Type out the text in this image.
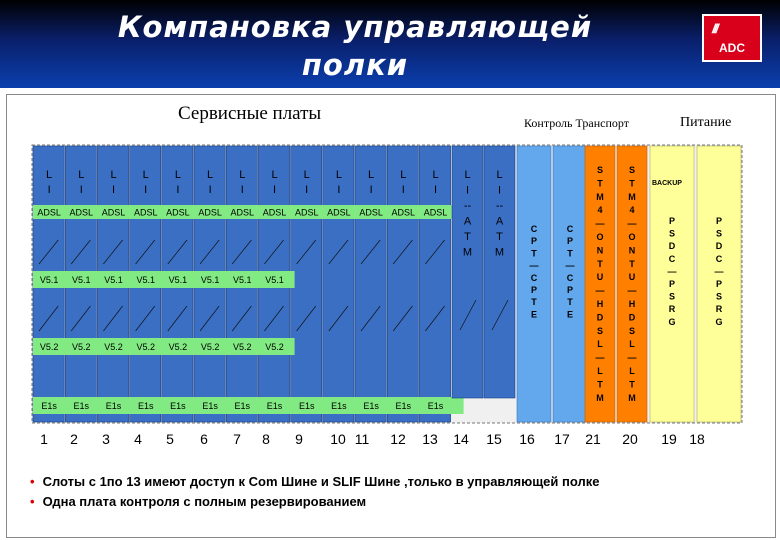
Компановка управляющей
полки
///
ADC
Сервисные платы	Контроль Транспорт	Питание
L
I
L
I
L
I
L
I
L
I
L
I
L
I
L
I
L
I
L
I
L
I
L
I
L
I
ADSL ADSL ADSL ADSL ADSL ADSL ADSL ADSL ADSL ADSL ADSL ADSL ADSL
V5.1 V5.1 V5.1 V5.1 V5.1 V5.1 V5.1 V5.1
V5.2 V5.2 V5.2 V5.2 V5.2 V5.2 V5.2 V5.2
E1s E1s E1s E1s E1s E1s E1s E1s E1s E1s E1s E1s E1s
L
I
--
A
T
M
L
I
--
A
T
M
C
P
T
—
C
P
T
E
C
P
T
—
C
P
T
E
S
T
M
4
—
O
N
T
U
—
H
D
S
L
—
L
T
M
S
T
M
4
—
O
N
T
U
—
H
D
S
L
—
L
T
M
P
S
D
C
—
P
S
R
G
P
S
D
C
—
P
S
R
G
BACKUP
1	2	3	4	5	6	7	8	9	10 11	12	13	14	15	16	17	21	20	19 18
• Слоты с 1по 13 имеют доступ к Com Шине и SLIF Шине ,только в управляющей полке
• Одна плата контроля с полным резервированием
